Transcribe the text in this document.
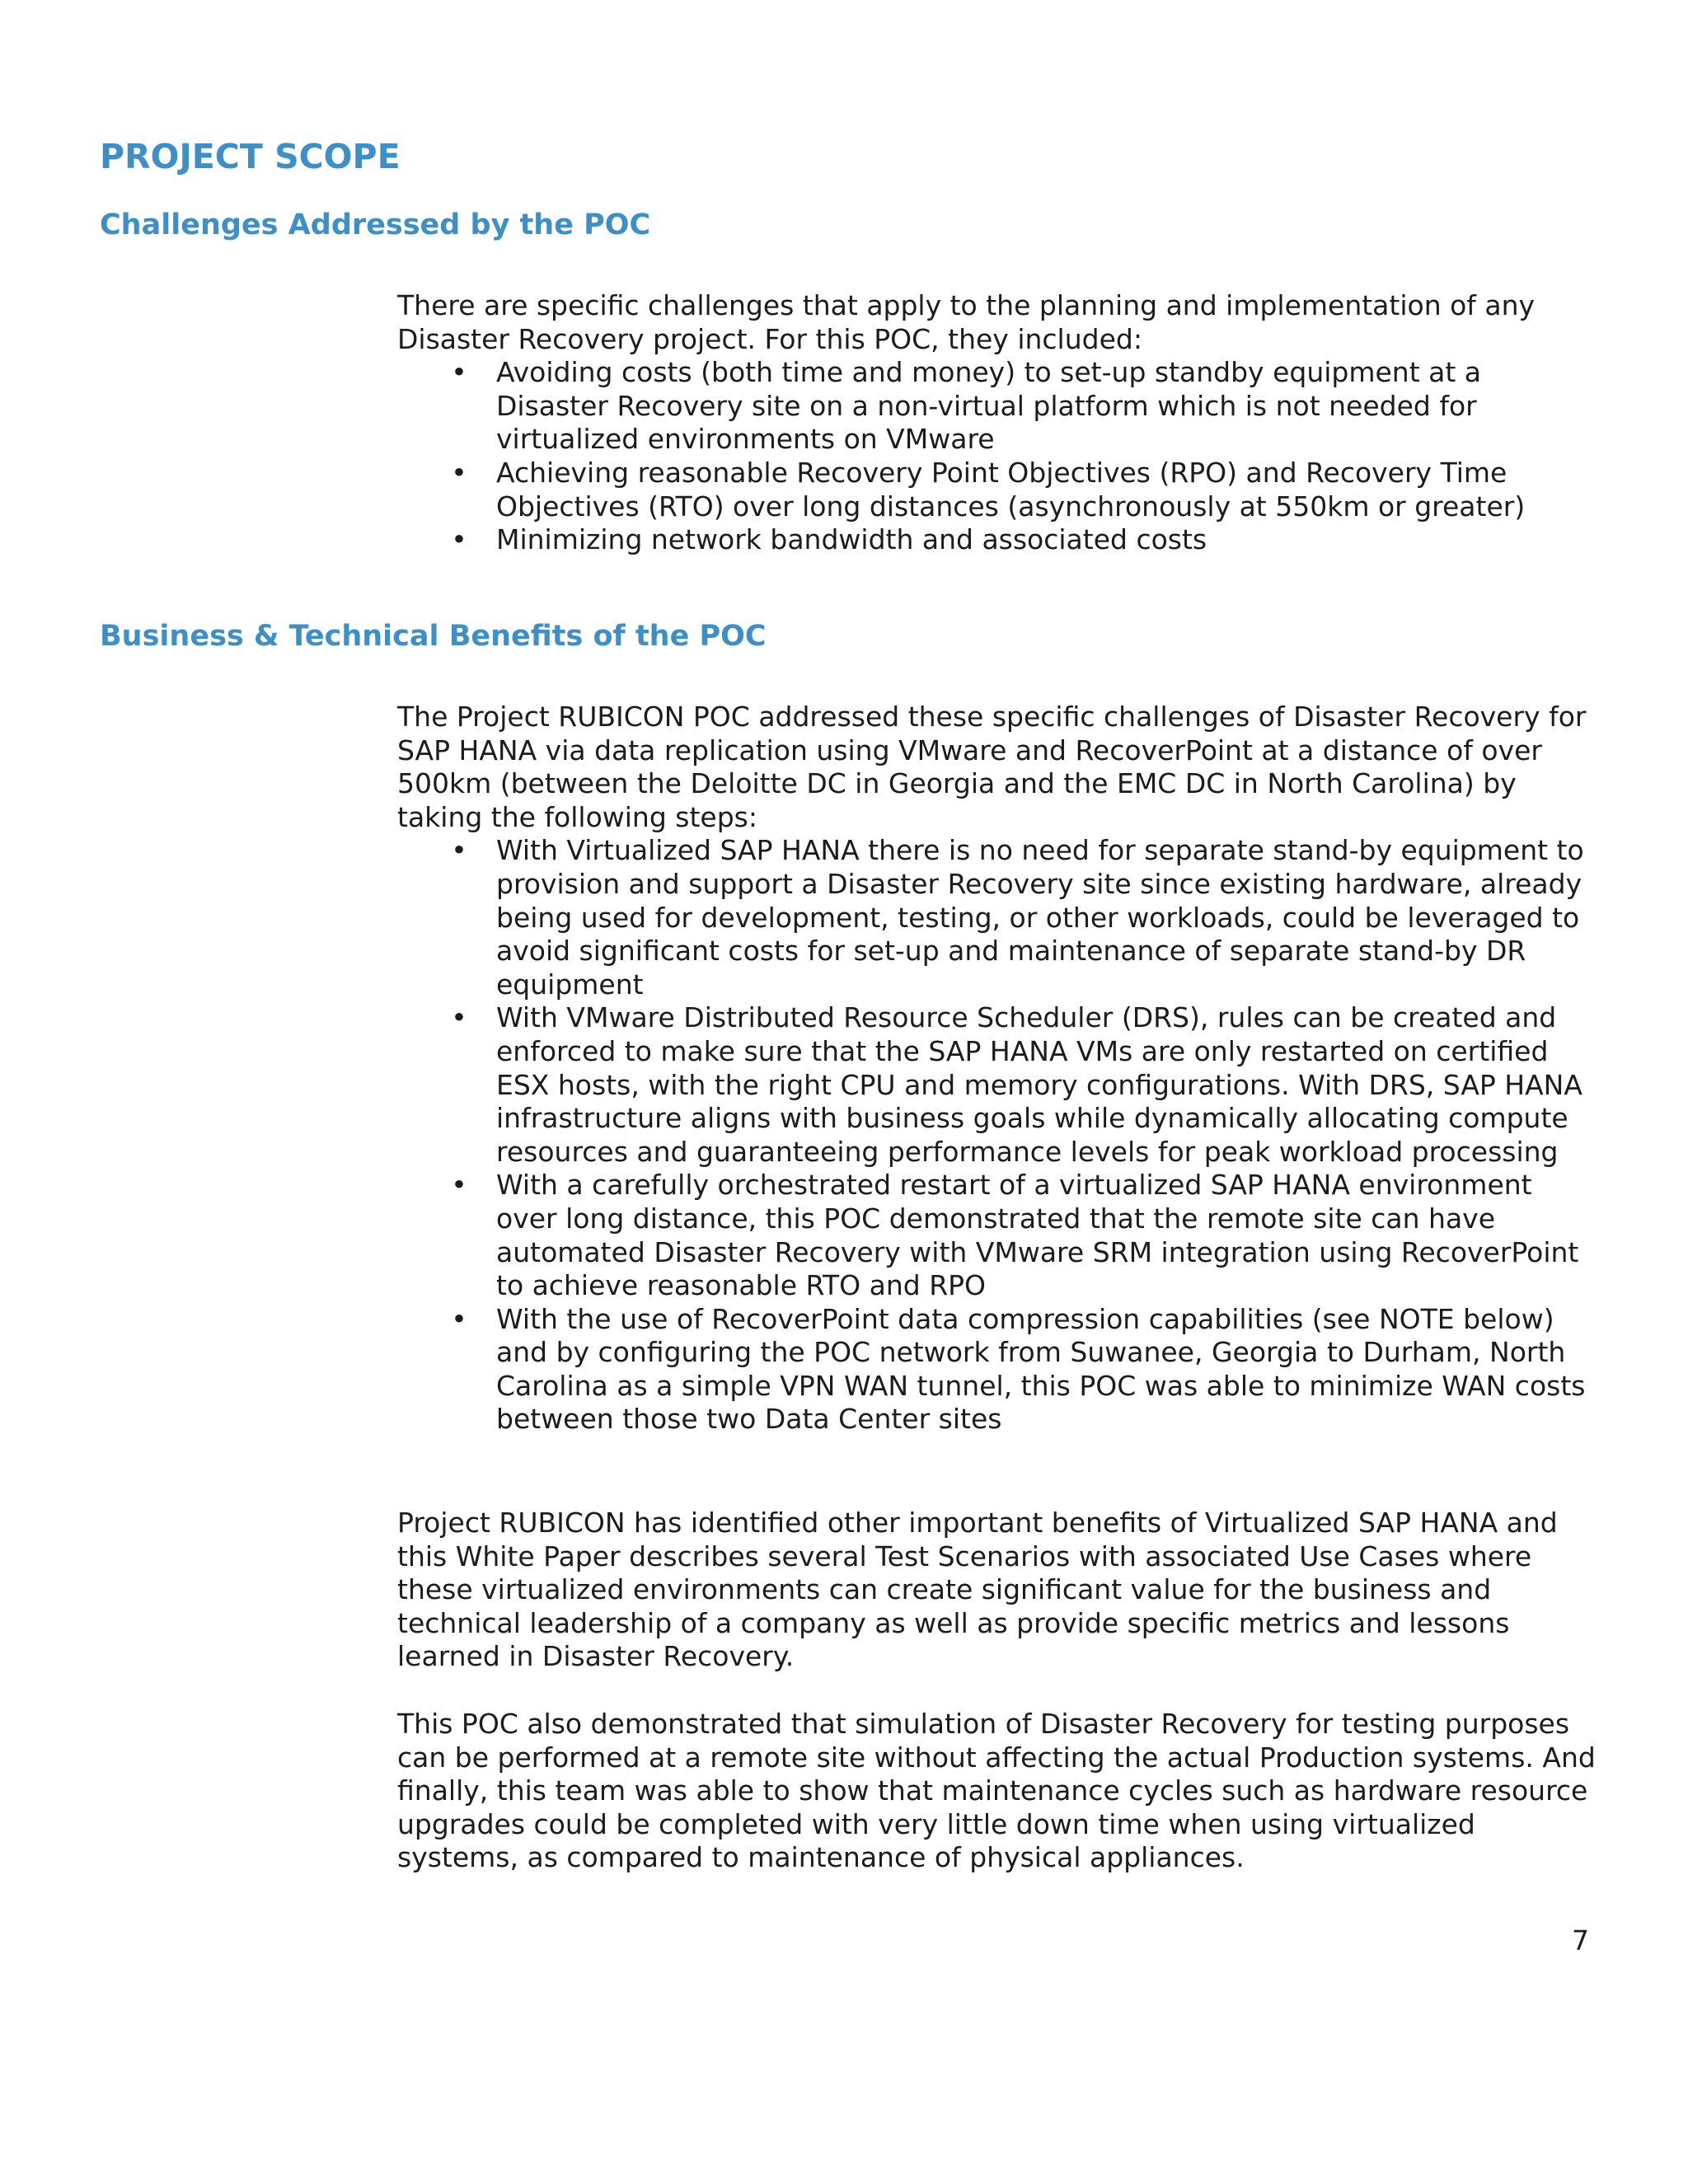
PROJECT SCOPE
Challenges Addressed by the POC

There are specific challenges that apply to the planning and implementation of any Disaster Recovery project. For this POC, they included:

• Avoiding costs (both time and money) to set-up standby equipment at a Disaster Recovery site on a non-virtual platform which is not needed for virtualized environments on VMware
• Achieving reasonable Recovery Point Objectives (RPO) and Recovery Time Objectives (RTO) over long distances (asynchronously at 550km or greater)
• Minimizing network bandwidth and associated costs
Business & Technical Benefits of the POC

The Project RUBICON POC addressed these specific challenges of Disaster Recovery for SAP HANA via data replication using VMware and RecoverPoint at a distance of over 500km (between the Deloitte DC in Georgia and the EMC DC in North Carolina) by taking the following steps:

• With Virtualized SAP HANA there is no need for separate stand-by equipment to provision and support a Disaster Recovery site since existing hardware, already being used for development, testing, or other workloads, could be leveraged to avoid significant costs for set-up and maintenance of separate stand-by DR equipment
• With VMware Distributed Resource Scheduler (DRS), rules can be created and enforced to make sure that the SAP HANA VMs are only restarted on certified ESX hosts, with the right CPU and memory configurations. With DRS, SAP HANA infrastructure aligns with business goals while dynamically allocating compute resources and guaranteeing performance levels for peak workload processing
• With a carefully orchestrated restart of a virtualized SAP HANA environment over long distance, this POC demonstrated that the remote site can have automated Disaster Recovery with VMware SRM integration using RecoverPoint to achieve reasonable RTO and RPO
• With the use of RecoverPoint data compression capabilities (see NOTE below) and by configuring the POC network from Suwanee, Georgia to Durham, North Carolina as a simple VPN WAN tunnel, this POC was able to minimize WAN costs between those two Data Center sites

Project RUBICON has identified other important benefits of Virtualized SAP HANA and this White Paper describes several Test Scenarios with associated Use Cases where these virtualized environments can create significant value for the business and technical leadership of a company as well as provide specific metrics and lessons learned in Disaster Recovery.

This POC also demonstrated that simulation of Disaster Recovery for testing purposes can be performed at a remote site without affecting the actual Production systems. And finally, this team was able to show that maintenance cycles such as hardware resource upgrades could be completed with very little down time when using virtualized systems, as compared to maintenance of physical appliances.

7
